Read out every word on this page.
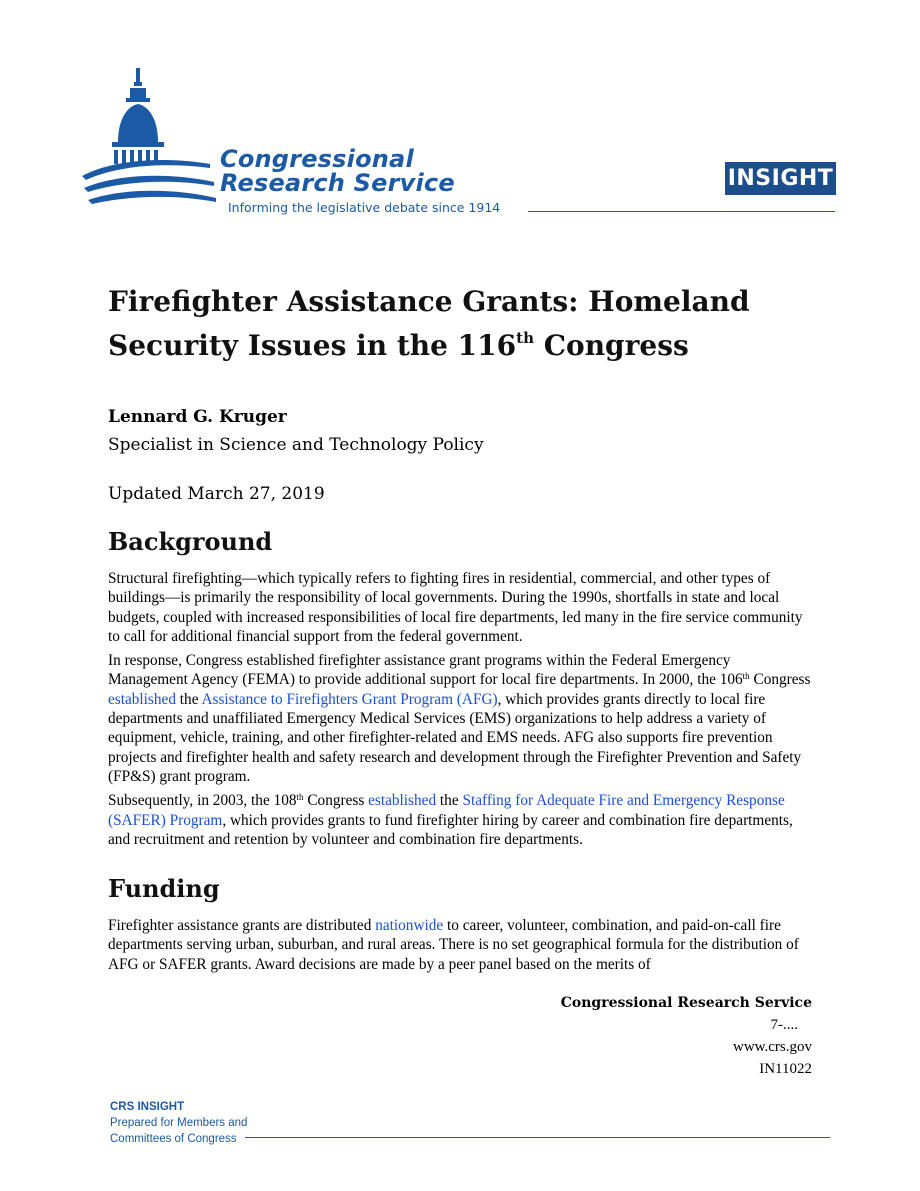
Congressional
Research Service
Informing the legislative debate since 1914
INSIGHT
Firefighter Assistance Grants: Homeland Security Issues in the 116th Congress
Lennard G. Kruger
Specialist in Science and Technology Policy
Updated March 27, 2019
Background

Structural firefighting—which typically refers to fighting fires in residential, commercial, and other types of buildings—is primarily the responsibility of local governments. During the 1990s, shortfalls in state and local budgets, coupled with increased responsibilities of local fire departments, led many in the fire service community to call for additional financial support from the federal government.

In response, Congress established firefighter assistance grant programs within the Federal Emergency Management Agency (FEMA) to provide additional support for local fire departments. In 2000, the 106th Congress established the Assistance to Firefighters Grant Program (AFG), which provides grants directly to local fire departments and unaffiliated Emergency Medical Services (EMS) organizations to help address a variety of equipment, vehicle, training, and other firefighter-related and EMS needs. AFG also supports fire prevention projects and firefighter health and safety research and development through the Firefighter Prevention and Safety (FP&S) grant program.

Subsequently, in 2003, the 108th Congress established the Staffing for Adequate Fire and Emergency Response (SAFER) Program, which provides grants to fund firefighter hiring by career and combination fire departments, and recruitment and retention by volunteer and combination fire departments.

Funding

Firefighter assistance grants are distributed nationwide to career, volunteer, combination, and paid-on-call fire departments serving urban, suburban, and rural areas. There is no set geographical formula for the distribution of AFG or SAFER grants. Award decisions are made by a peer panel based on the merits of

Congressional Research Service
7-....
www.crs.gov
IN11022
CRS INSIGHT
Prepared for Members and
Committees of Congress
